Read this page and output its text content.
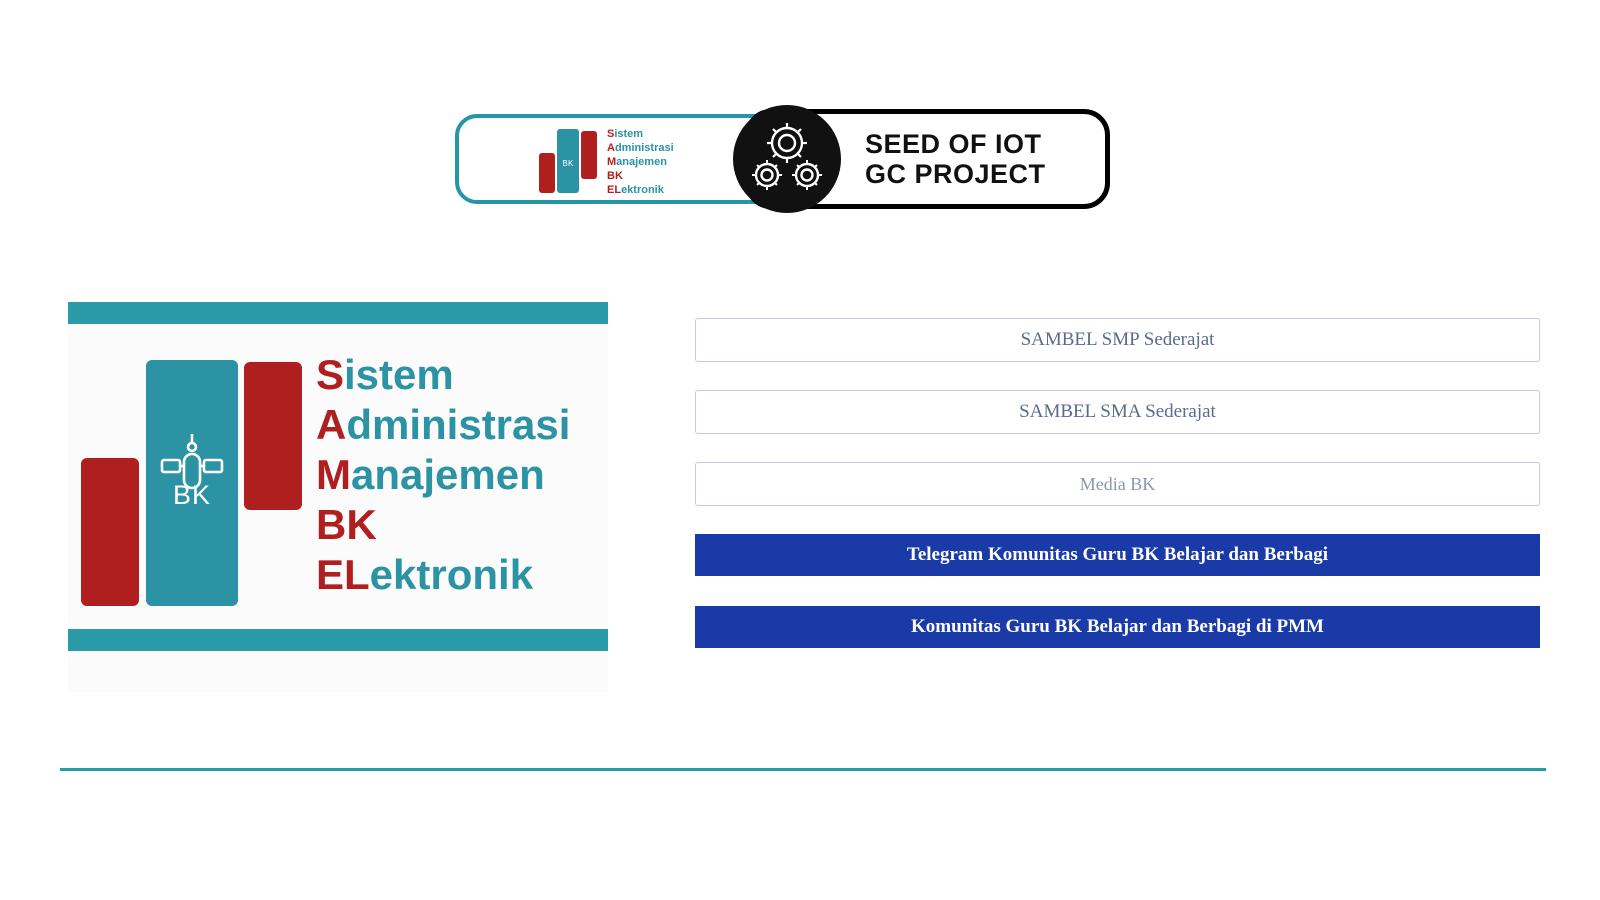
BK
Sistem
Administrasi
Manajemen
BK
ELektronik
SEED OF IOT
GC PROJECT
BK
Sistem
Administrasi
Manajemen
BK
ELektronik
SAMBEL SMP Sederajat
SAMBEL SMA Sederajat
Media BK
Telegram Komunitas Guru BK Belajar dan Berbagi
Komunitas Guru BK Belajar dan Berbagi di PMM
